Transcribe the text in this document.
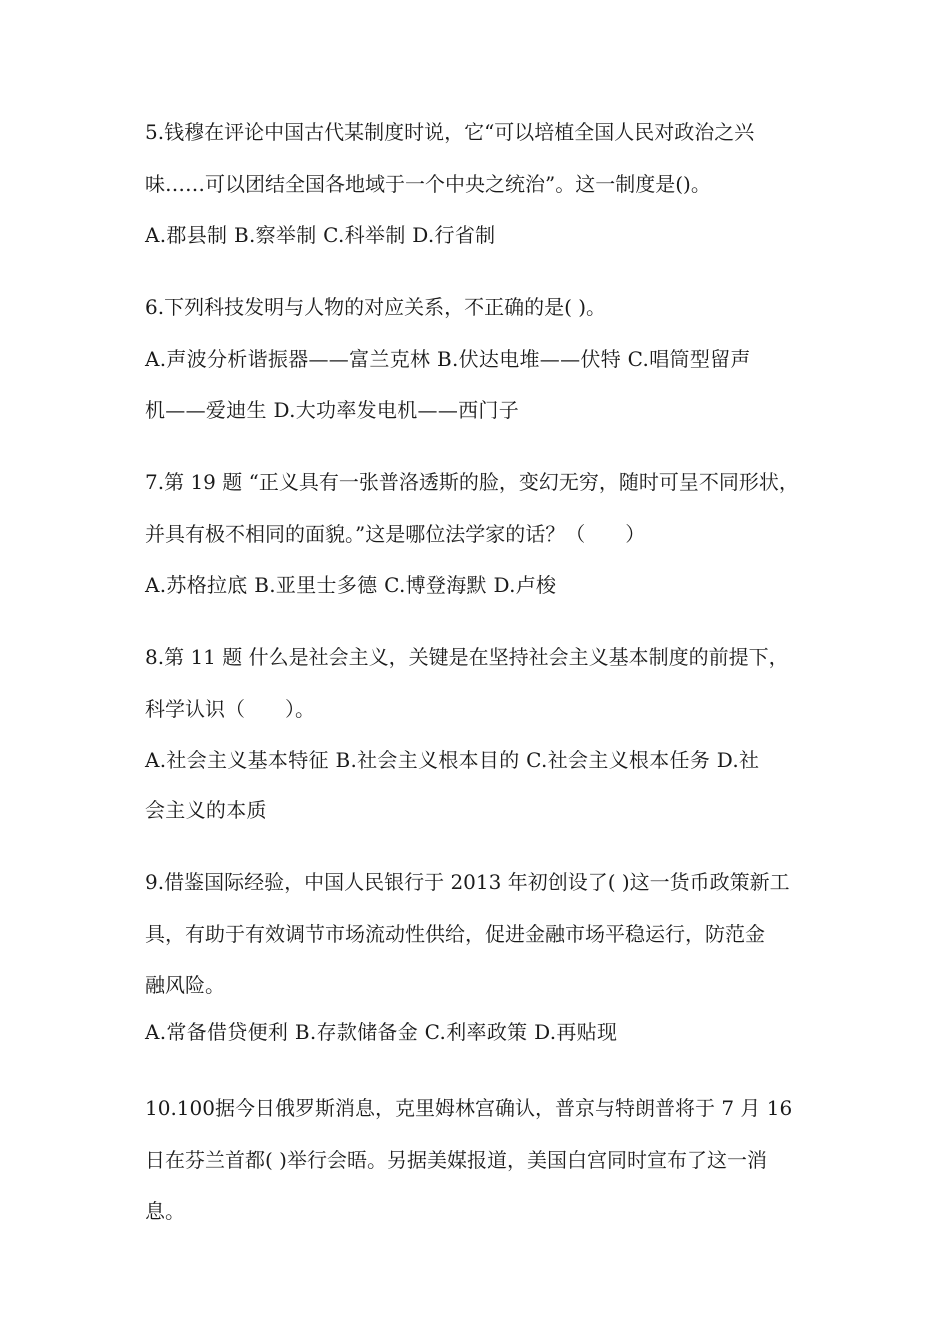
5.钱穆在评论中国古代某制度时说，它“可以培植全国人民对政治之兴
味……可以团结全国各地域于一个中央之统治”。这一制度是()。
A.郡县制 B.察举制 C.科举制 D.行省制
6.下列科技发明与人物的对应关系，不正确的是( )。
A.声波分析谐振器——富兰克林 B.伏达电堆——伏特 C.唱筒型留声
机——爱迪生 D.大功率发电机——西门子
7.第 19 题 “正义具有一张普洛透斯的脸，变幻无穷，随时可呈不同形状，
并具有极不相同的面貌。”这是哪位法学家的话？（　　）
A.苏格拉底 B.亚里士多德 C.博登海默 D.卢梭
8.第 11 题 什么是社会主义，关键是在坚持社会主义基本制度的前提下，
科学认识（　　）。
A.社会主义基本特征 B.社会主义根本目的 C.社会主义根本任务 D.社
会主义的本质
9.借鉴国际经验，中国人民银行于 2013 年初创设了( )这一货币政策新工
具，有助于有效调节市场流动性供给，促进金融市场平稳运行，防范金
融风险。
A.常备借贷便利 B.存款储备金 C.利率政策 D.再贴现
10.100据今日俄罗斯消息，克里姆林宫确认，普京与特朗普将于 7 月 16
日在芬兰首都( )举行会晤。另据美媒报道，美国白宫同时宣布了这一消
息。
